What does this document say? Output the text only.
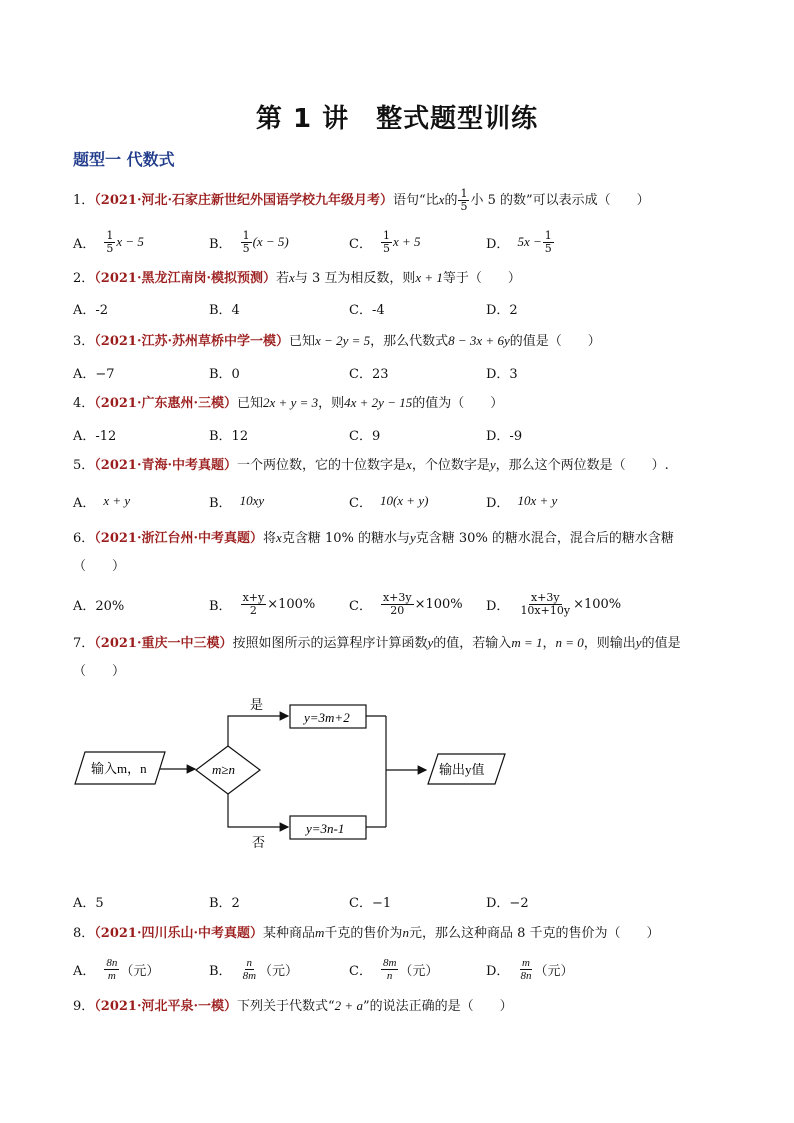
第 1 讲　整式题型训练
题型一 代数式
1．（2021·河北·石家庄新世纪外国语学校九年级月考）语句“比x的 $\frac{1}{5}$ 小 5 的数”可以表示成（　　）
A． $\frac{1}{5}$ x − 5	B． $\frac{1}{5} (x - 5)$	C． $\frac{1}{5}$ x + 5	D． $5x - \frac{1}{5}$
2．（2021·黑龙江南岗·模拟预测）若x与 3 互为相反数，则x + 1等于（　　）
A．-2	B．4	C．-4	D．2
3．（2021·江苏·苏州草桥中学一模）已知x − 2y = 5，那么代数式8 − 3x + 6y的值是（　　）
A．−7	B．0	C．23	D．3
4．（2021·广东惠州·三模）已知2x + y = 3，则4x + 2y − 15的值为（　　）
A．-12	B．12	C．9	D．-9
5．（2021·青海·中考真题）一个两位数，它的十位数字是x，个位数字是y，那么这个两位数是（　　）.
A． x + y	B． 10xy	C． 10(x + y)	D． 10x + y
6．（2021·浙江台州·中考真题）将x克含糖 10% 的糖水与y克含糖 30% 的糖水混合，混合后的糖水含糖
（　　）
A．20%	B． $\frac{x+y}{2} \times 100\%$	C． $\frac{x+3y}{20} \times 100\%$ D． $\frac{x+3y}{10x+10y} \times 100\%$
7．（2021·重庆一中三模）按照如图所示的运算程序计算函数y的值，若输入m = 1，n = 0，则输出y的值是
（　　）
输入m，n	m≥n
是
y=3m+2
否
y=3n-1
输出y值
A．5	B．2	C．−1	D．−2
8．（2021·四川乐山·中考真题）某种商品m千克的售价为n元，那么这种商品 8 千克的售价为（　　）
A． $\frac{8n}{m}$ （元）	B． $\frac{n}{8m}$ （元）	C． $\frac{8m}{n}$ （元）	D． $\frac{m}{8n}$ （元）
9．（2021·河北平泉·一模）下列关于代数式“2 + a”的说法正确的是（　　）
